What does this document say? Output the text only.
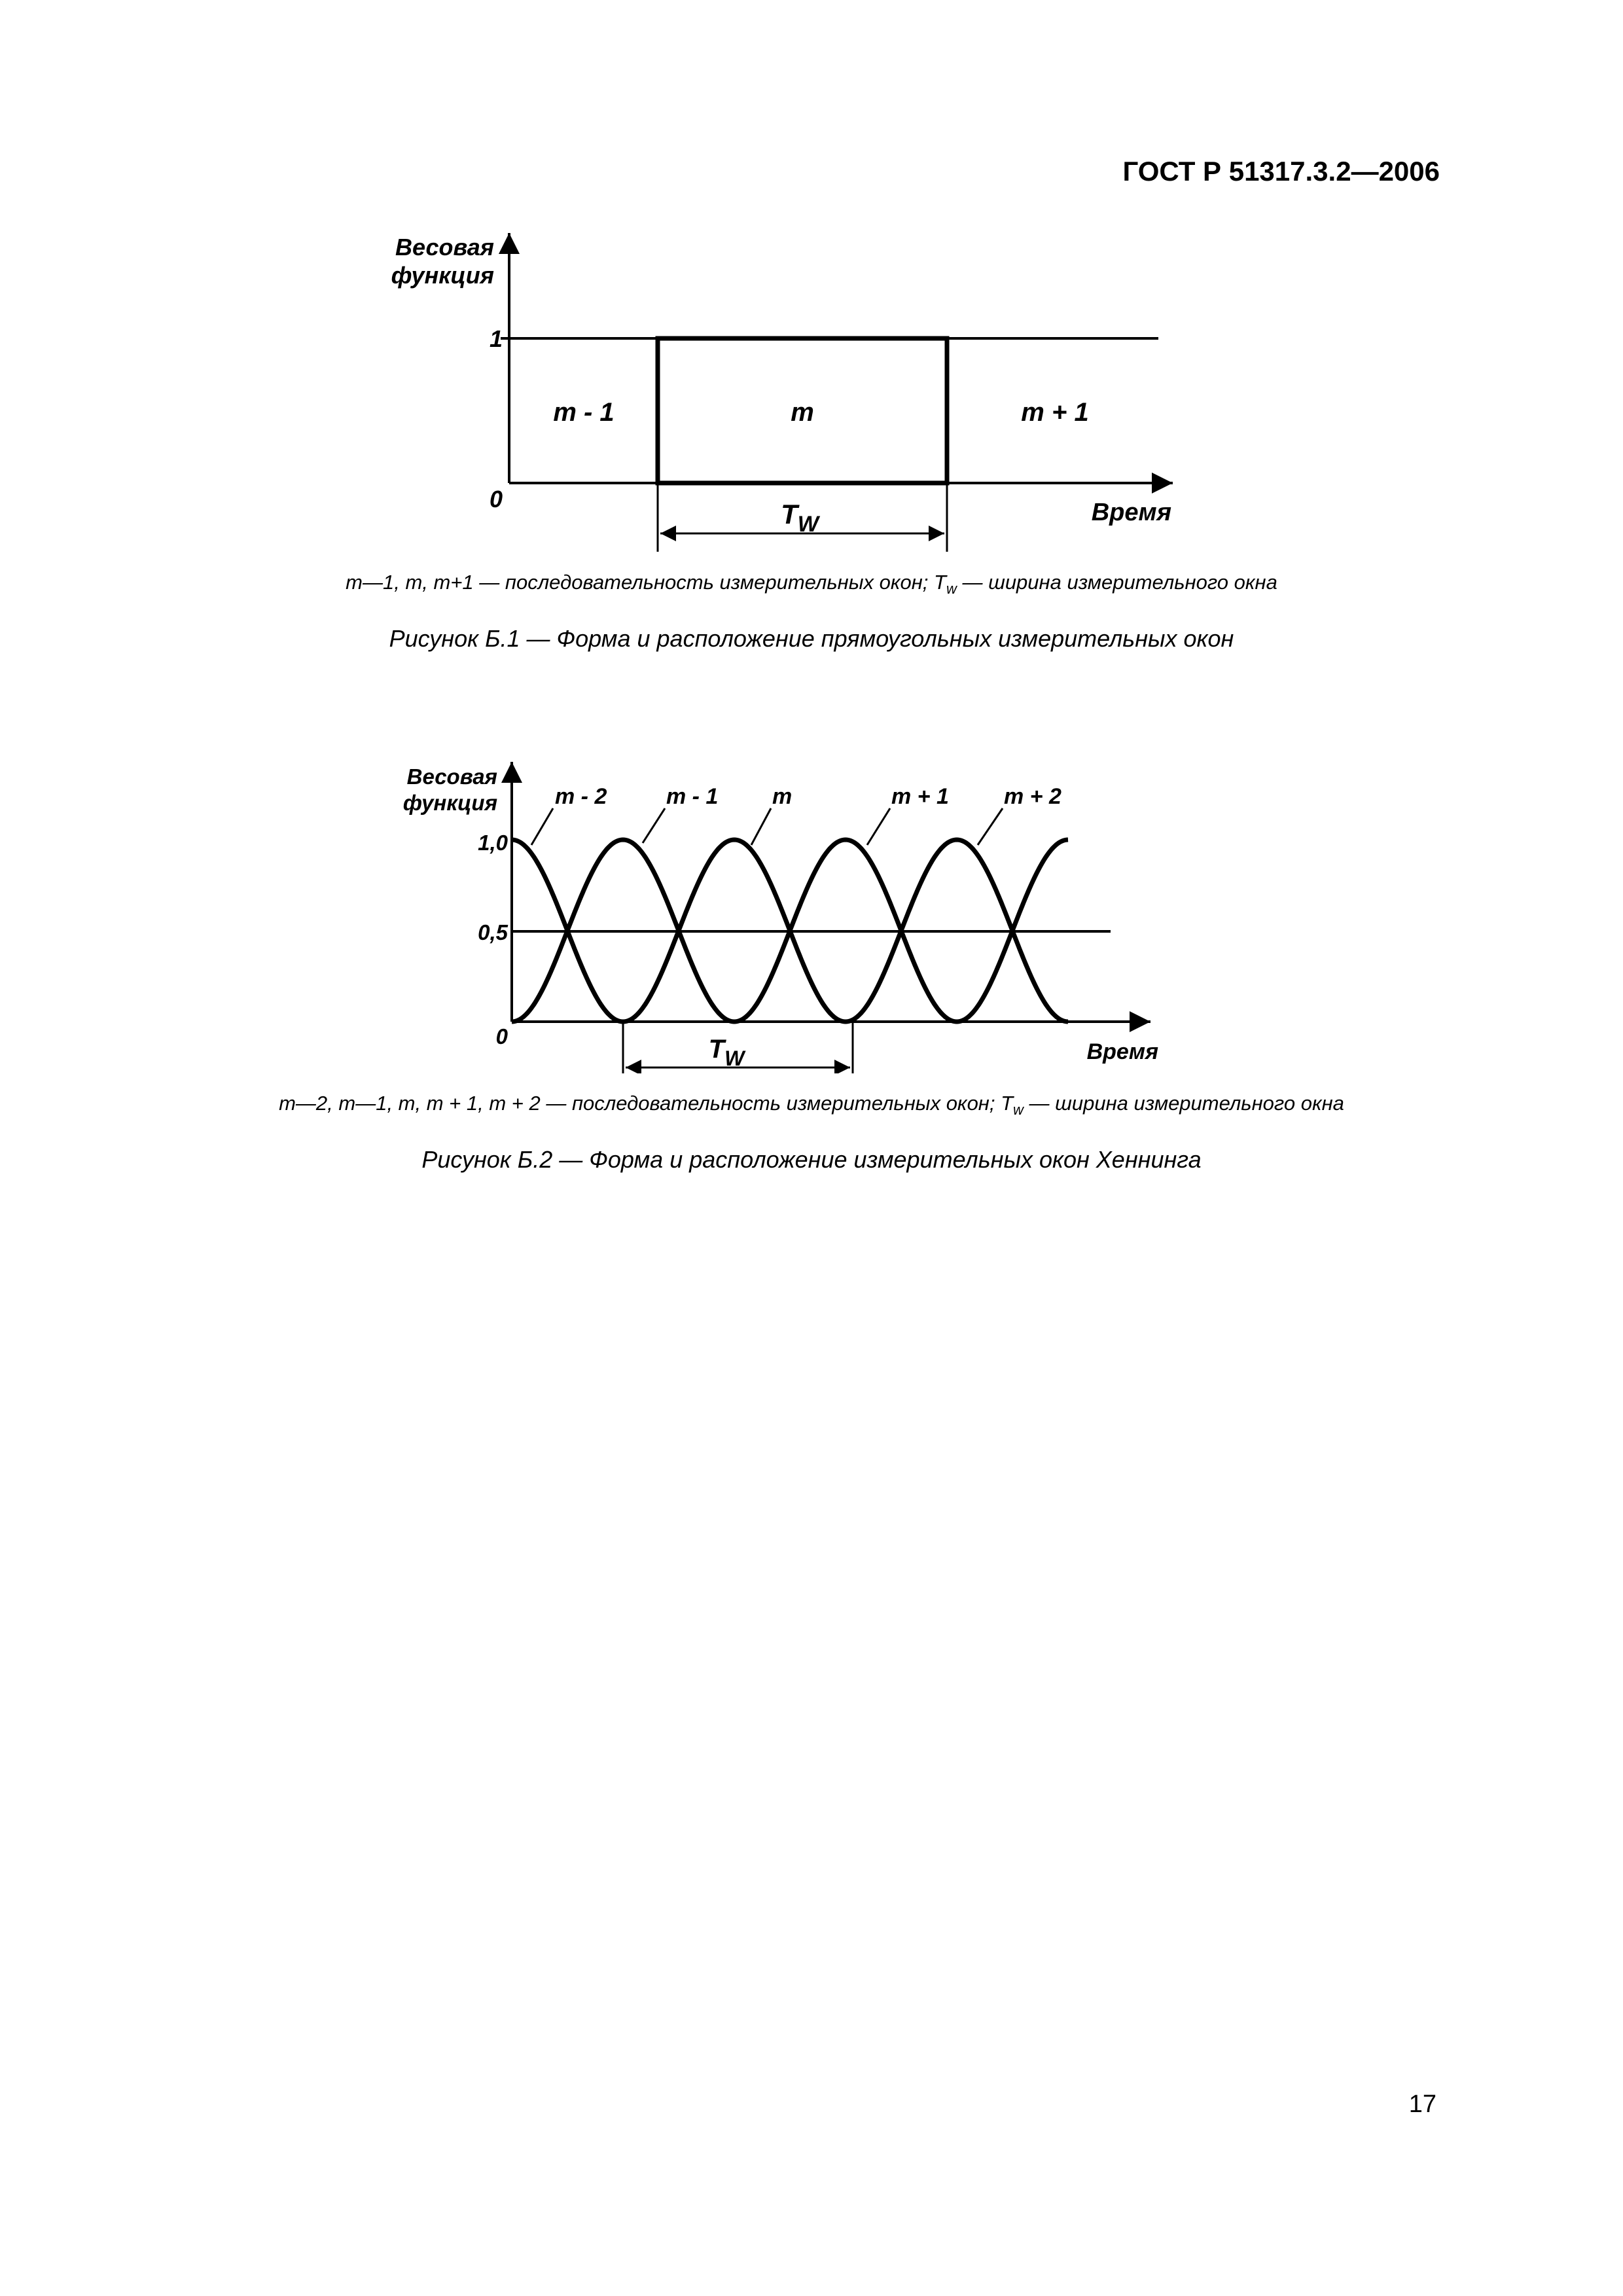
ГОСТ Р 51317.3.2—2006
Весовая
функция
1
0	Время
m - 1	m	m + 1
$T_W$
m—1, m, m+1 — последовательность измерительных окон; $T_w$ — ширина измерительного окна
Рисунок Б.1 — Форма и расположение прямоугольных измерительных окон
Весовая
функция
1,0
0,5
0
Время
m - 2	m - 1 m	m + 1 m + 2
$T_W$
m—2, m—1, m, m + 1, m + 2 — последовательность измерительных окон; $T_w$ — ширина измерительного окна
Рисунок Б.2 — Форма и расположение измерительных окон Хеннинга
17
